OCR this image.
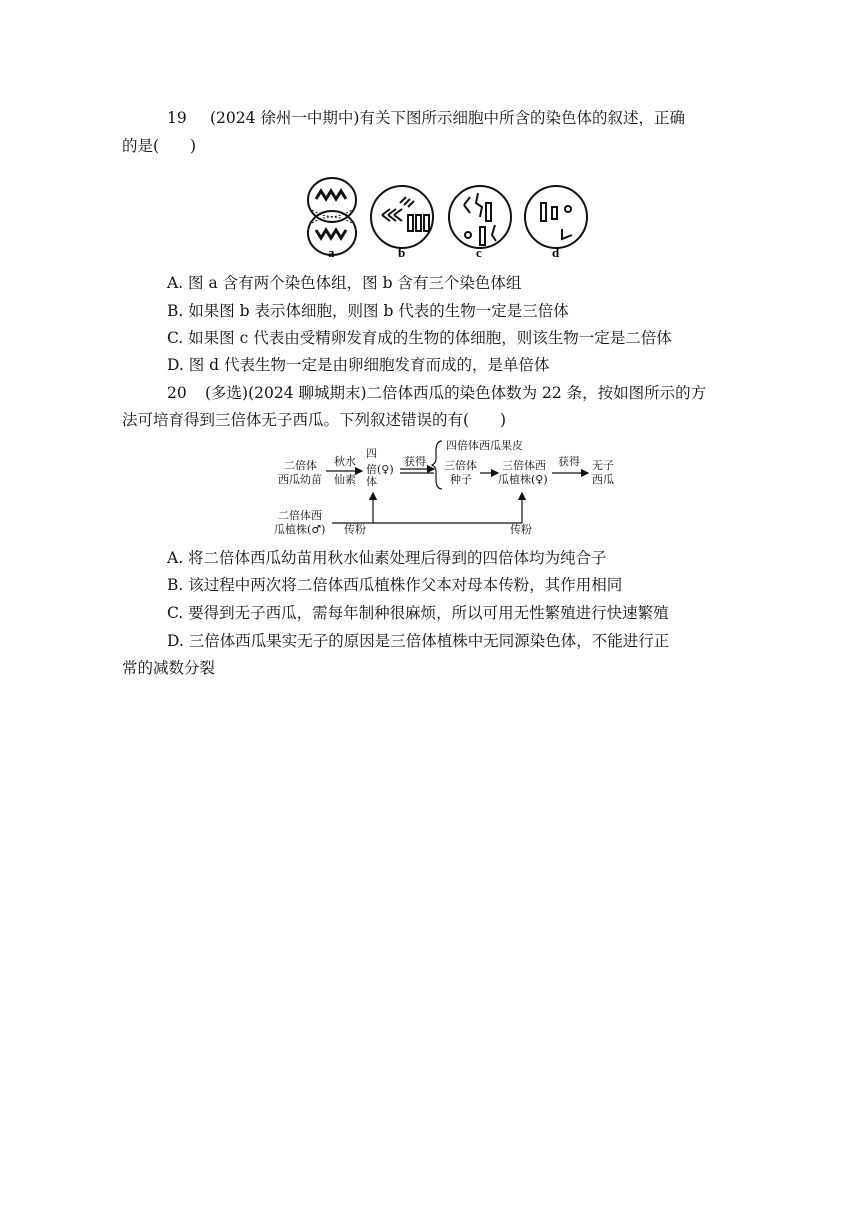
19 (2024 徐州一中期中)有关下图所示细胞中所含的染色体的叙述，正确
的是(　　)
a	b	c	d
A. 图 a 含有两个染色体组，图 b 含有三个染色体组
B. 如果图 b 表示体细胞，则图 b 代表的生物一定是三倍体
C. 如果图 c 代表由受精卵发育成的生物的体细胞，则该生物一定是二倍体
D. 图 d 代表生物一定是由卵细胞发育而成的，是单倍体
20 (多选)(2024 聊城期末)二倍体西瓜的染色体数为 22 条，按如图所示的方
法可培育得到三倍体无子西瓜。下列叙述错误的有(　　)
二倍体
西瓜幼苗
秋水
仙素
四
倍(♀)
体
获得
四倍体西瓜果皮
三倍体
种子
三倍体西
瓜植株(♀)
获得 无子
西瓜
二倍体西
瓜植株(♂) 传粉	传粉
A. 将二倍体西瓜幼苗用秋水仙素处理后得到的四倍体均为纯合子
B. 该过程中两次将二倍体西瓜植株作父本对母本传粉，其作用相同
C. 要得到无子西瓜，需每年制种很麻烦，所以可用无性繁殖进行快速繁殖
D. 三倍体西瓜果实无子的原因是三倍体植株中无同源染色体，不能进行正
常的减数分裂
